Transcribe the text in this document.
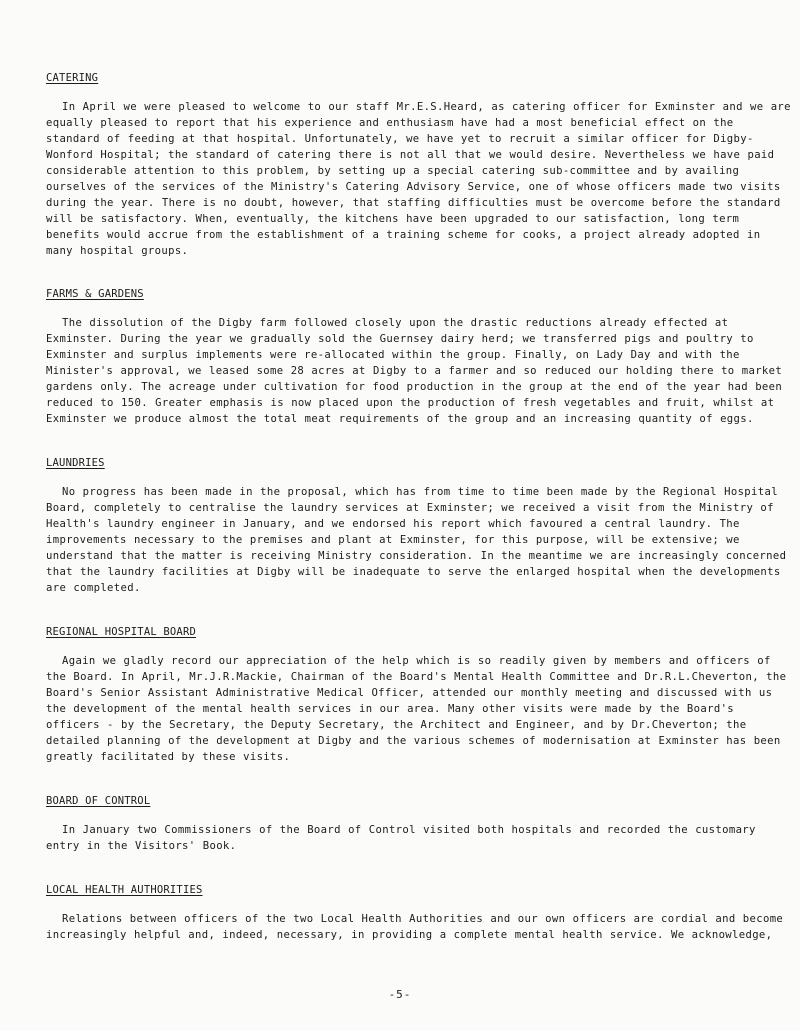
CATERING

In April we were pleased to welcome to our staff Mr.E.S.Heard, as catering officer for Exminster and we are equally pleased to report that his experience and enthusiasm have had a most beneficial effect on the standard of feeding at that hospital. Unfortunately, we have yet to recruit a similar officer for Digby-Wonford Hospital; the standard of catering there is not all that we would desire. Nevertheless we have paid considerable attention to this problem, by setting up a special catering sub-committee and by availing ourselves of the services of the Ministry's Catering Advisory Service, one of whose officers made two visits during the year. There is no doubt, however, that staffing difficulties must be overcome before the standard will be satisfactory. When, eventually, the kitchens have been upgraded to our satisfaction, long term benefits would accrue from the establishment of a training scheme for cooks, a project already adopted in many hospital groups.

FARMS & GARDENS

The dissolution of the Digby farm followed closely upon the drastic reductions already effected at Exminster. During the year we gradually sold the Guernsey dairy herd; we transferred pigs and poultry to Exminster and surplus implements were re-allocated within the group. Finally, on Lady Day and with the Minister's approval, we leased some 28 acres at Digby to a farmer and so reduced our holding there to market gardens only. The acreage under cultivation for food production in the group at the end of the year had been reduced to 150. Greater emphasis is now placed upon the production of fresh vegetables and fruit, whilst at Exminster we produce almost the total meat requirements of the group and an increasing quantity of eggs.

LAUNDRIES

No progress has been made in the proposal, which has from time to time been made by the Regional Hospital Board, completely to centralise the laundry services at Exminster; we received a visit from the Ministry of Health's laundry engineer in January, and we endorsed his report which favoured a central laundry. The improvements necessary to the premises and plant at Exminster, for this purpose, will be extensive; we understand that the matter is receiving Ministry consideration. In the meantime we are increasingly concerned that the laundry facilities at Digby will be inadequate to serve the enlarged hospital when the developments are completed.

REGIONAL HOSPITAL BOARD

Again we gladly record our appreciation of the help which is so readily given by members and officers of the Board. In April, Mr.J.R.Mackie, Chairman of the Board's Mental Health Committee and Dr.R.L.Cheverton, the Board's Senior Assistant Administrative Medical Officer, attended our monthly meeting and discussed with us the development of the mental health services in our area. Many other visits were made by the Board's officers - by the Secretary, the Deputy Secretary, the Architect and Engineer, and by Dr.Cheverton; the detailed planning of the development at Digby and the various schemes of modernisation at Exminster has been greatly facilitated by these visits.

BOARD OF CONTROL

In January two Commissioners of the Board of Control visited both hospitals and recorded the customary entry in the Visitors' Book.

LOCAL HEALTH AUTHORITIES

Relations between officers of the two Local Health Authorities and our own officers are cordial and become increasingly helpful and, indeed, necessary, in providing a complete mental health service. We acknowledge,

-5-
